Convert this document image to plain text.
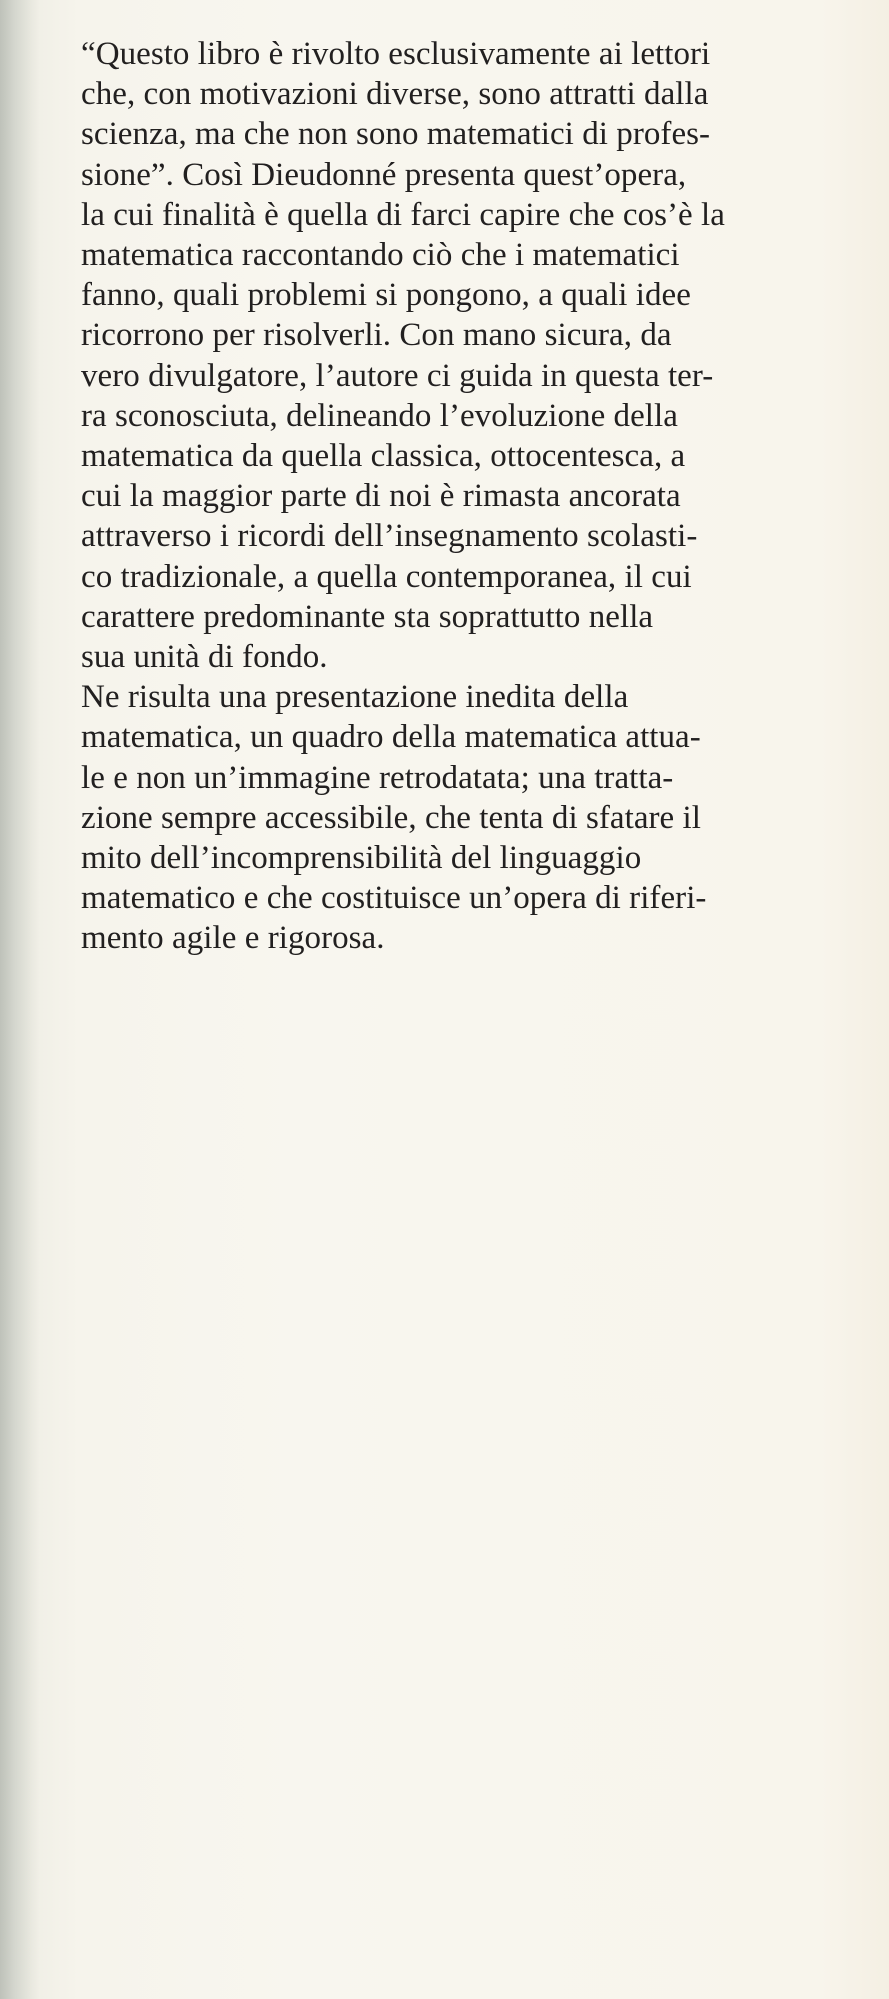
“Questo libro è rivolto esclusivamente ai lettori
che, con motivazioni diverse, sono attratti dalla
scienza, ma che non sono matematici di profes-
sione”. Così Dieudonné presenta quest’opera,
la cui finalità è quella di farci capire che cos’è la
matematica raccontando ciò che i matematici
fanno, quali problemi si pongono, a quali idee
ricorrono per risolverli. Con mano sicura, da
vero divulgatore, l’autore ci guida in questa ter-
ra sconosciuta, delineando l’evoluzione della
matematica da quella classica, ottocentesca, a
cui la maggior parte di noi è rimasta ancorata
attraverso i ricordi dell’insegnamento scolasti-
co tradizionale, a quella contemporanea, il cui
carattere predominante sta soprattutto nella
sua unità di fondo.
Ne risulta una presentazione inedita della
matematica, un quadro della matematica attua-
le e non un’immagine retrodatata; una tratta-
zione sempre accessibile, che tenta di sfatare il
mito dell’incomprensibilità del linguaggio
matematico e che costituisce un’opera di riferi-
mento agile e rigorosa.
